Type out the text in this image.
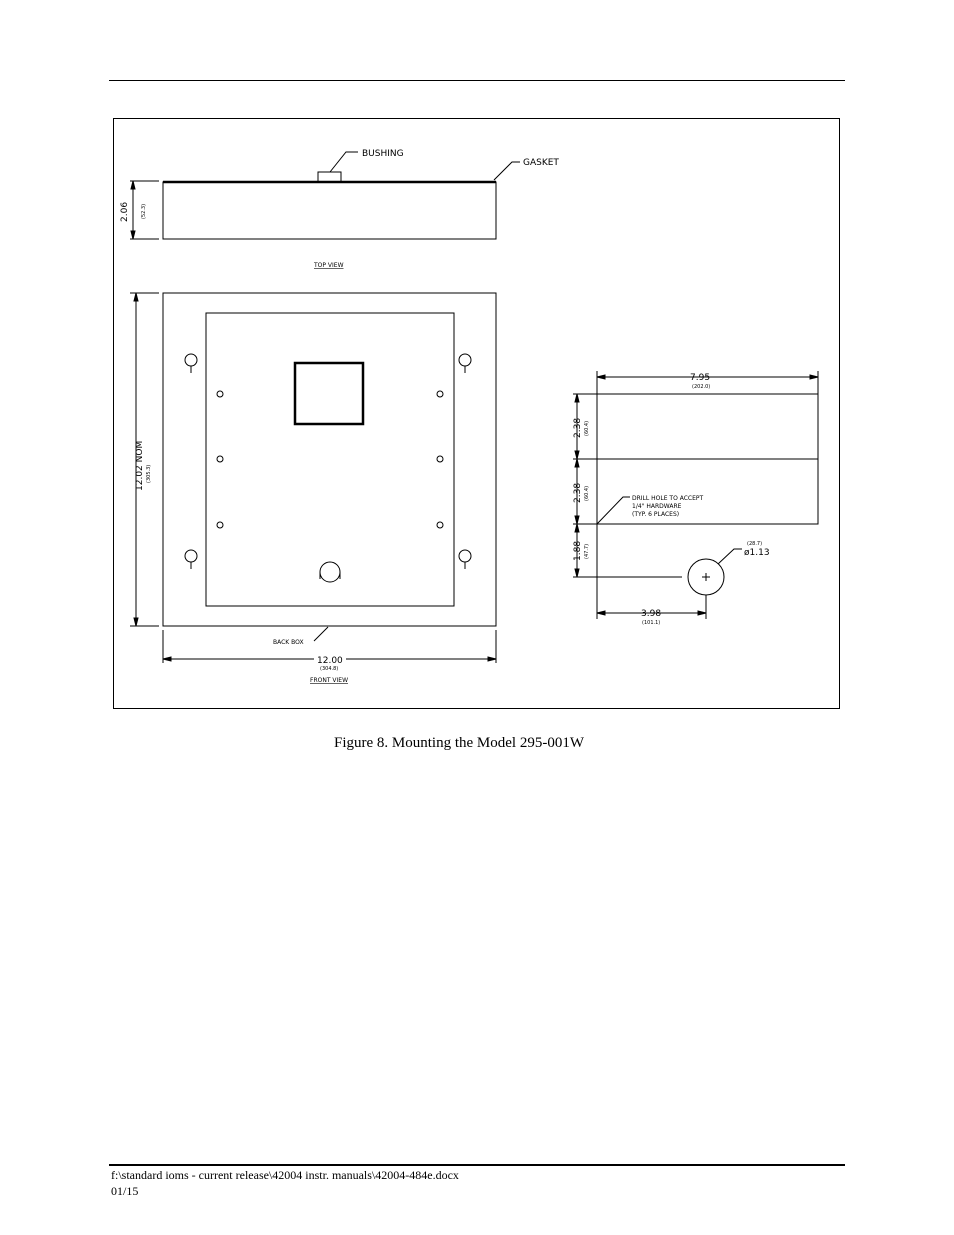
BUSHING
GASKET
TOP VIEW
2.06 (52.3)
12.02 NOM (305.3)
BACK BOX
12.00
(304.8)
FRONT VIEW
7.95
(202.0)
2.38 (60.4)
2.38 (60.4)
1.88 (47.7)
DRILL HOLE TO ACCEPT
1/4" HARDWARE
(TYP. 6 PLACES)
(28.7)
ø1.13
3.98
(101.1)
Figure 8. Mounting the Model 295-001W
f:\standard ioms - current release\42004 instr. manuals\42004-484e.docx
01/15
